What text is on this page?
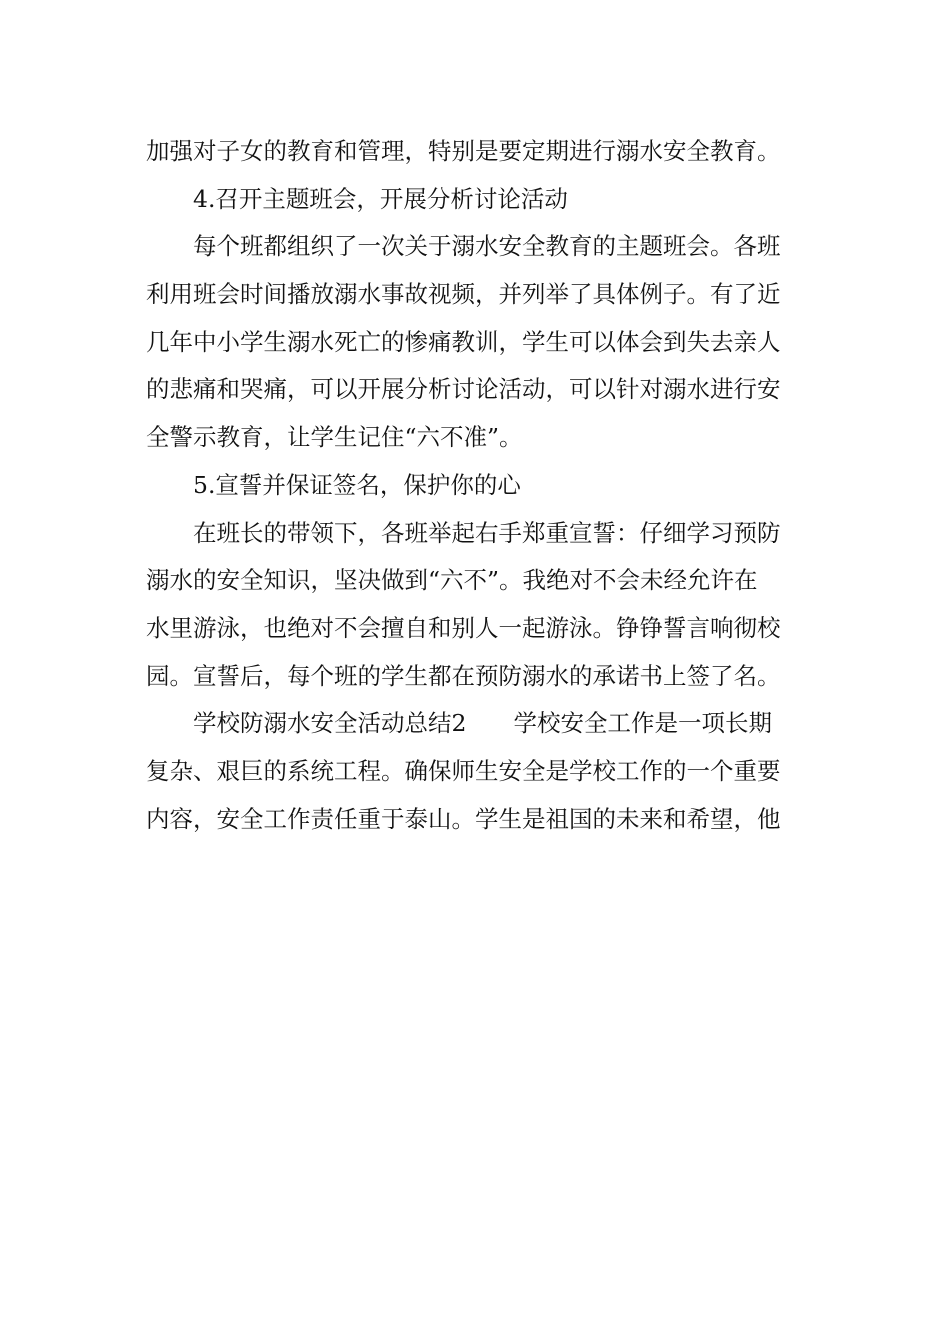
加强对子女的教育和管理，特别是要定期进行溺水安全教育。
4.召开主题班会，开展分析讨论活动
每个班都组织了一次关于溺水安全教育的主题班会。各班
利用班会时间播放溺水事故视频，并列举了具体例子。有了近
几年中小学生溺水死亡的惨痛教训，学生可以体会到失去亲人
的悲痛和哭痛，可以开展分析讨论活动，可以针对溺水进行安
全警示教育，让学生记住“六不准”。
5.宣誓并保证签名，保护你的心
在班长的带领下，各班举起右手郑重宣誓：仔细学习预防
溺水的安全知识，坚决做到“六不”。我绝对不会未经允许在
水里游泳，也绝对不会擅自和别人一起游泳。铮铮誓言响彻校
园。宣誓后，每个班的学生都在预防溺水的承诺书上签了名。
学校防溺水安全活动总结2　　学校安全工作是一项长期
复杂、艰巨的系统工程。确保师生安全是学校工作的一个重要
内容，安全工作责任重于泰山。学生是祖国的未来和希望，他
